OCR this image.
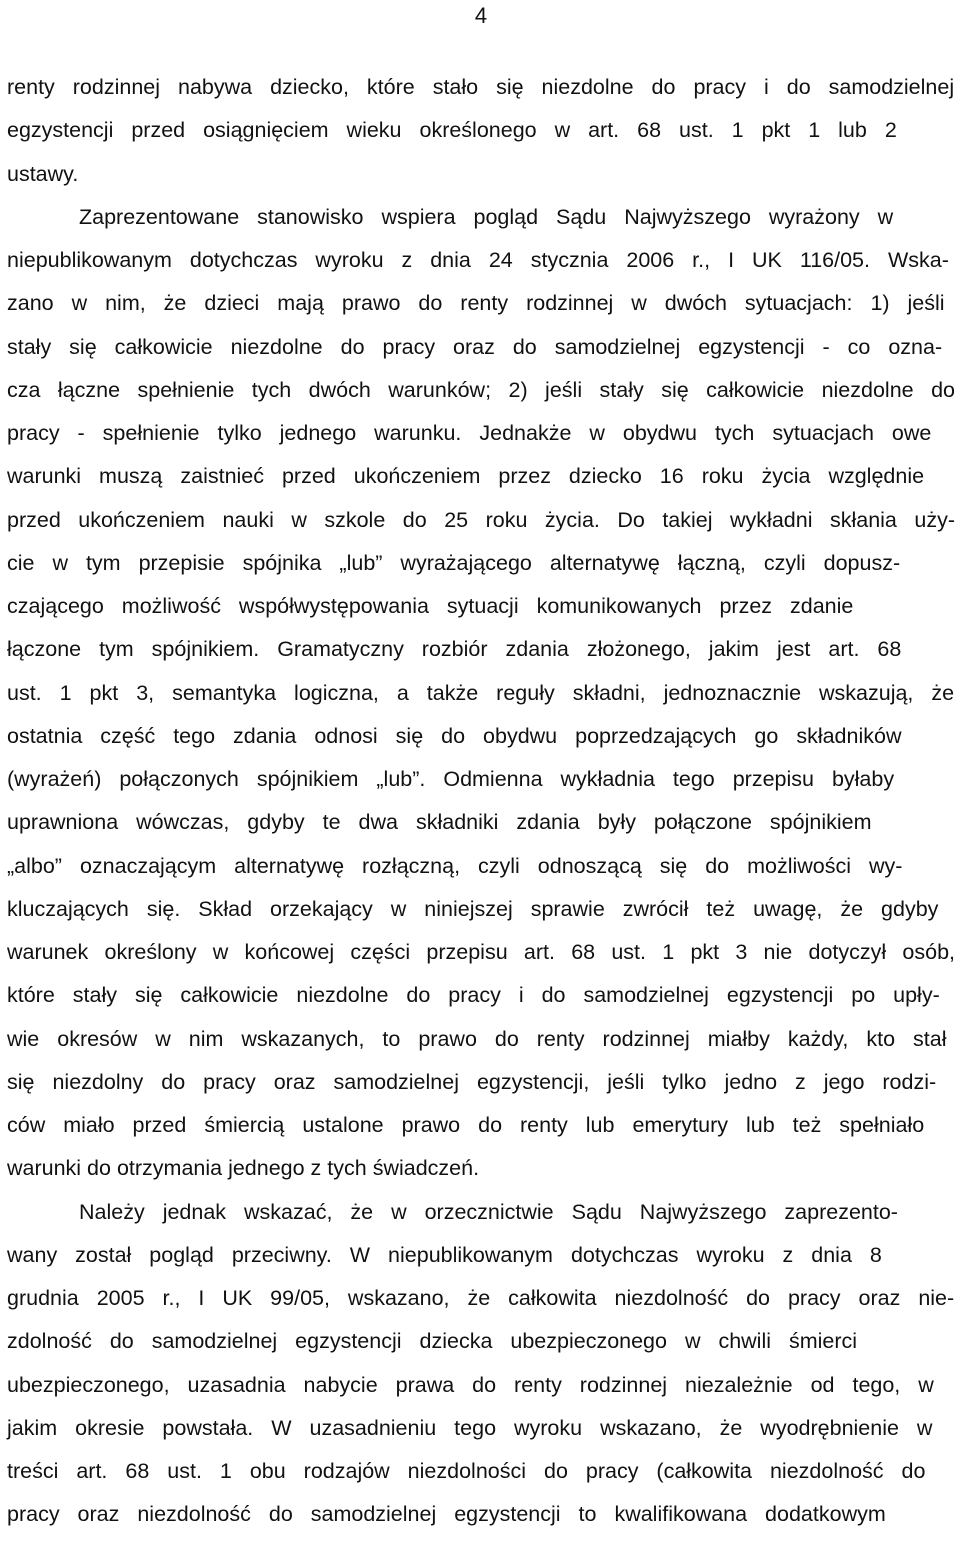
4
renty rodzinnej nabywa dziecko, które stało się niezdolne do pracy i do samodzielnej
egzystencji przed osiągnięciem wieku określonego w art. 68 ust. 1 pkt 1 lub 2
ustawy.
Zaprezentowane stanowisko wspiera pogląd Sądu Najwyższego wyrażony w
niepublikowanym dotychczas wyroku z dnia 24 stycznia 2006 r., I UK 116/05. Wska-
zano w nim, że dzieci mają prawo do renty rodzinnej w dwóch sytuacjach: 1) jeśli
stały się całkowicie niezdolne do pracy oraz do samodzielnej egzystencji - co ozna-
cza łączne spełnienie tych dwóch warunków; 2) jeśli stały się całkowicie niezdolne do
pracy - spełnienie tylko jednego warunku. Jednakże w obydwu tych sytuacjach owe
warunki muszą zaistnieć przed ukończeniem przez dziecko 16 roku życia względnie
przed ukończeniem nauki w szkole do 25 roku życia. Do takiej wykładni skłania uży-
cie w tym przepisie spójnika „lub” wyrażającego alternatywę łączną, czyli dopusz-
czającego możliwość współwystępowania sytuacji komunikowanych przez zdanie
łączone tym spójnikiem. Gramatyczny rozbiór zdania złożonego, jakim jest art. 68
ust. 1 pkt 3, semantyka logiczna, a także reguły składni, jednoznacznie wskazują, że
ostatnia część tego zdania odnosi się do obydwu poprzedzających go składników
(wyrażeń) połączonych spójnikiem „lub”. Odmienna wykładnia tego przepisu byłaby
uprawniona wówczas, gdyby te dwa składniki zdania były połączone spójnikiem
„albo” oznaczającym alternatywę rozłączną, czyli odnoszącą się do możliwości wy-
kluczających się. Skład orzekający w niniejszej sprawie zwrócił też uwagę, że gdyby
warunek określony w końcowej części przepisu art. 68 ust. 1 pkt 3 nie dotyczył osób,
które stały się całkowicie niezdolne do pracy i do samodzielnej egzystencji po upły-
wie okresów w nim wskazanych, to prawo do renty rodzinnej miałby każdy, kto stał
się niezdolny do pracy oraz samodzielnej egzystencji, jeśli tylko jedno z jego rodzi-
ców miało przed śmiercią ustalone prawo do renty lub emerytury lub też spełniało
warunki do otrzymania jednego z tych świadczeń.
Należy jednak wskazać, że w orzecznictwie Sądu Najwyższego zaprezento-
wany został pogląd przeciwny. W niepublikowanym dotychczas wyroku z dnia 8
grudnia 2005 r., I UK 99/05, wskazano, że całkowita niezdolność do pracy oraz nie-
zdolność do samodzielnej egzystencji dziecka ubezpieczonego w chwili śmierci
ubezpieczonego, uzasadnia nabycie prawa do renty rodzinnej niezależnie od tego, w
jakim okresie powstała. W uzasadnieniu tego wyroku wskazano, że wyodrębnienie w
treści art. 68 ust. 1 obu rodzajów niezdolności do pracy (całkowita niezdolność do
pracy oraz niezdolność do samodzielnej egzystencji to kwalifikowana dodatkowym
